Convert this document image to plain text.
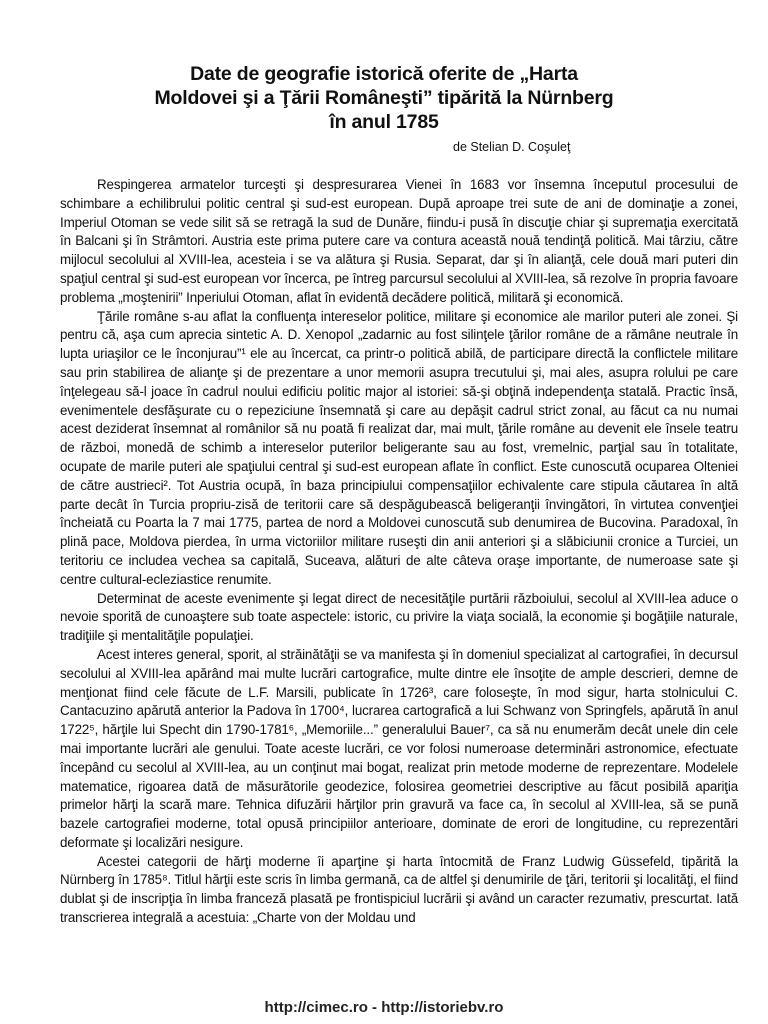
Date de geografie istorică oferite de „Harta
Moldovei şi a Ţării Româneşti” tipărită la Nürnberg
în anul 1785
de Stelian D. Coşuleţ

Respingerea armatelor turceşti şi despresurarea Vienei în 1683 vor însemna începutul procesului de schimbare a echilibrului politic central şi sud-est european. După aproape trei sute de ani de dominaţie a zonei, Imperiul Otoman se vede silit să se retragă la sud de Dunăre, fiindu-i pusă în discuţie chiar şi supremaţia exercitată în Balcani şi în Strâmtori. Austria este prima putere care va contura această nouă tendinţă politică. Mai târziu, către mijlocul secolului al XVIII-lea, acesteia i se va alătura şi Rusia. Separat, dar şi în alianţă, cele două mari puteri din spaţiul central şi sud-est european vor încerca, pe întreg parcursul secolului al XVIII-lea, să rezolve în propria favoare problema „moştenirii” Inperiului Otoman, aflat în evidentă decădere politică, militară şi economică.

Ţările române s-au aflat la confluenţa intereselor politice, militare şi economice ale marilor puteri ale zonei. Şi pentru că, aşa cum aprecia sintetic A. D. Xenopol „zadarnic au fost silinţele ţărilor române de a rămâne neutrale în lupta uriaşilor ce le înconjurau”¹ ele au încercat, ca printr-o politică abilă, de participare directă la conflictele militare sau prin stabilirea de alianţe şi de prezentare a unor memorii asupra trecutului şi, mai ales, asupra rolului pe care înţelegeau să-l joace în cadrul noului edificiu politic major al istoriei: să-şi obţină independenţa statală. Practic însă, evenimentele desfăşurate cu o repeziciune însemnată şi care au depăşit cadrul strict zonal, au făcut ca nu numai acest deziderat însemnat al românilor să nu poată fi realizat dar, mai mult, ţările române au devenit ele însele teatru de război, monedă de schimb a intereselor puterilor beligerante sau au fost, vremelnic, parţial sau în totalitate, ocupate de marile puteri ale spaţiului central şi sud-est european aflate în conflict. Este cunoscută ocuparea Olteniei de către austrieci². Tot Austria ocupă, în baza principiului compensaţiilor echivalente care stipula căutarea în altă parte decât în Turcia propriu-zisă de teritorii care să despăgubească beligeranţii învingători, în virtutea convenţiei încheiată cu Poarta la 7 mai 1775, partea de nord a Moldovei cunoscută sub denumirea de Bucovina. Paradoxal, în plină pace, Moldova pierdea, în urma victoriilor militare ruseşti din anii anteriori şi a slăbiciunii cronice a Turciei, un teritoriu ce includea vechea sa capitală, Suceava, alături de alte câteva oraşe importante, de numeroase sate şi centre cultural-ecleziastice renumite.

Determinat de aceste evenimente şi legat direct de necesităţile purtării războiului, secolul al XVIII-lea aduce o nevoie sporită de cunoaştere sub toate aspectele: istoric, cu privire la viaţa socială, la economie şi bogăţiile naturale, tradiţiile şi mentalităţile populaţiei.

Acest interes general, sporit, al străinătăţii se va manifesta şi în domeniul specializat al cartografiei, în decursul secolului al XVIII-lea apărând mai multe lucrări cartografice, multe dintre ele însoţite de ample descrieri, demne de menţionat fiind cele făcute de L.F. Marsili, publicate în 1726³, care foloseşte, în mod sigur, harta stolnicului C. Cantacuzino apărută anterior la Padova în 1700⁴, lucrarea cartografică a lui Schwanz von Springfels, apărută în anul 1722⁵, hărţile lui Specht din 1790-1781⁶, „Memoriile...” generalului Bauer⁷, ca să nu enumerăm decât unele din cele mai importante lucrări ale genului. Toate aceste lucrări, ce vor folosi numeroase determinări astronomice, efectuate începând cu secolul al XVIII-lea, au un conţinut mai bogat, realizat prin metode moderne de reprezentare. Modelele matematice, rigoarea dată de măsurătorile geodezice, folosirea geometriei descriptive au făcut posibilă apariţia primelor hărţi la scară mare. Tehnica difuzării hărţilor prin gravură va face ca, în secolul al XVIII-lea, să se pună bazele cartografiei moderne, total opusă principiilor anterioare, dominate de erori de longitudine, cu reprezentări deformate şi localizări nesigure.

Acestei categorii de hărţi moderne îi aparţine şi harta întocmită de Franz Ludwig Güssefeld, tipărită la Nürnberg în 1785⁸. Titlul hărţii este scris în limba germană, ca de altfel şi denumirile de ţări, teritorii şi localităţi, el fiind dublat şi de inscripţia în limba franceză plasată pe frontispiciul lucrării şi având un caracter rezumativ, prescurtat. Iată transcrierea integrală a acestuia: „Charte von der Moldau und

http://cimec.ro - http://istoriebv.ro
